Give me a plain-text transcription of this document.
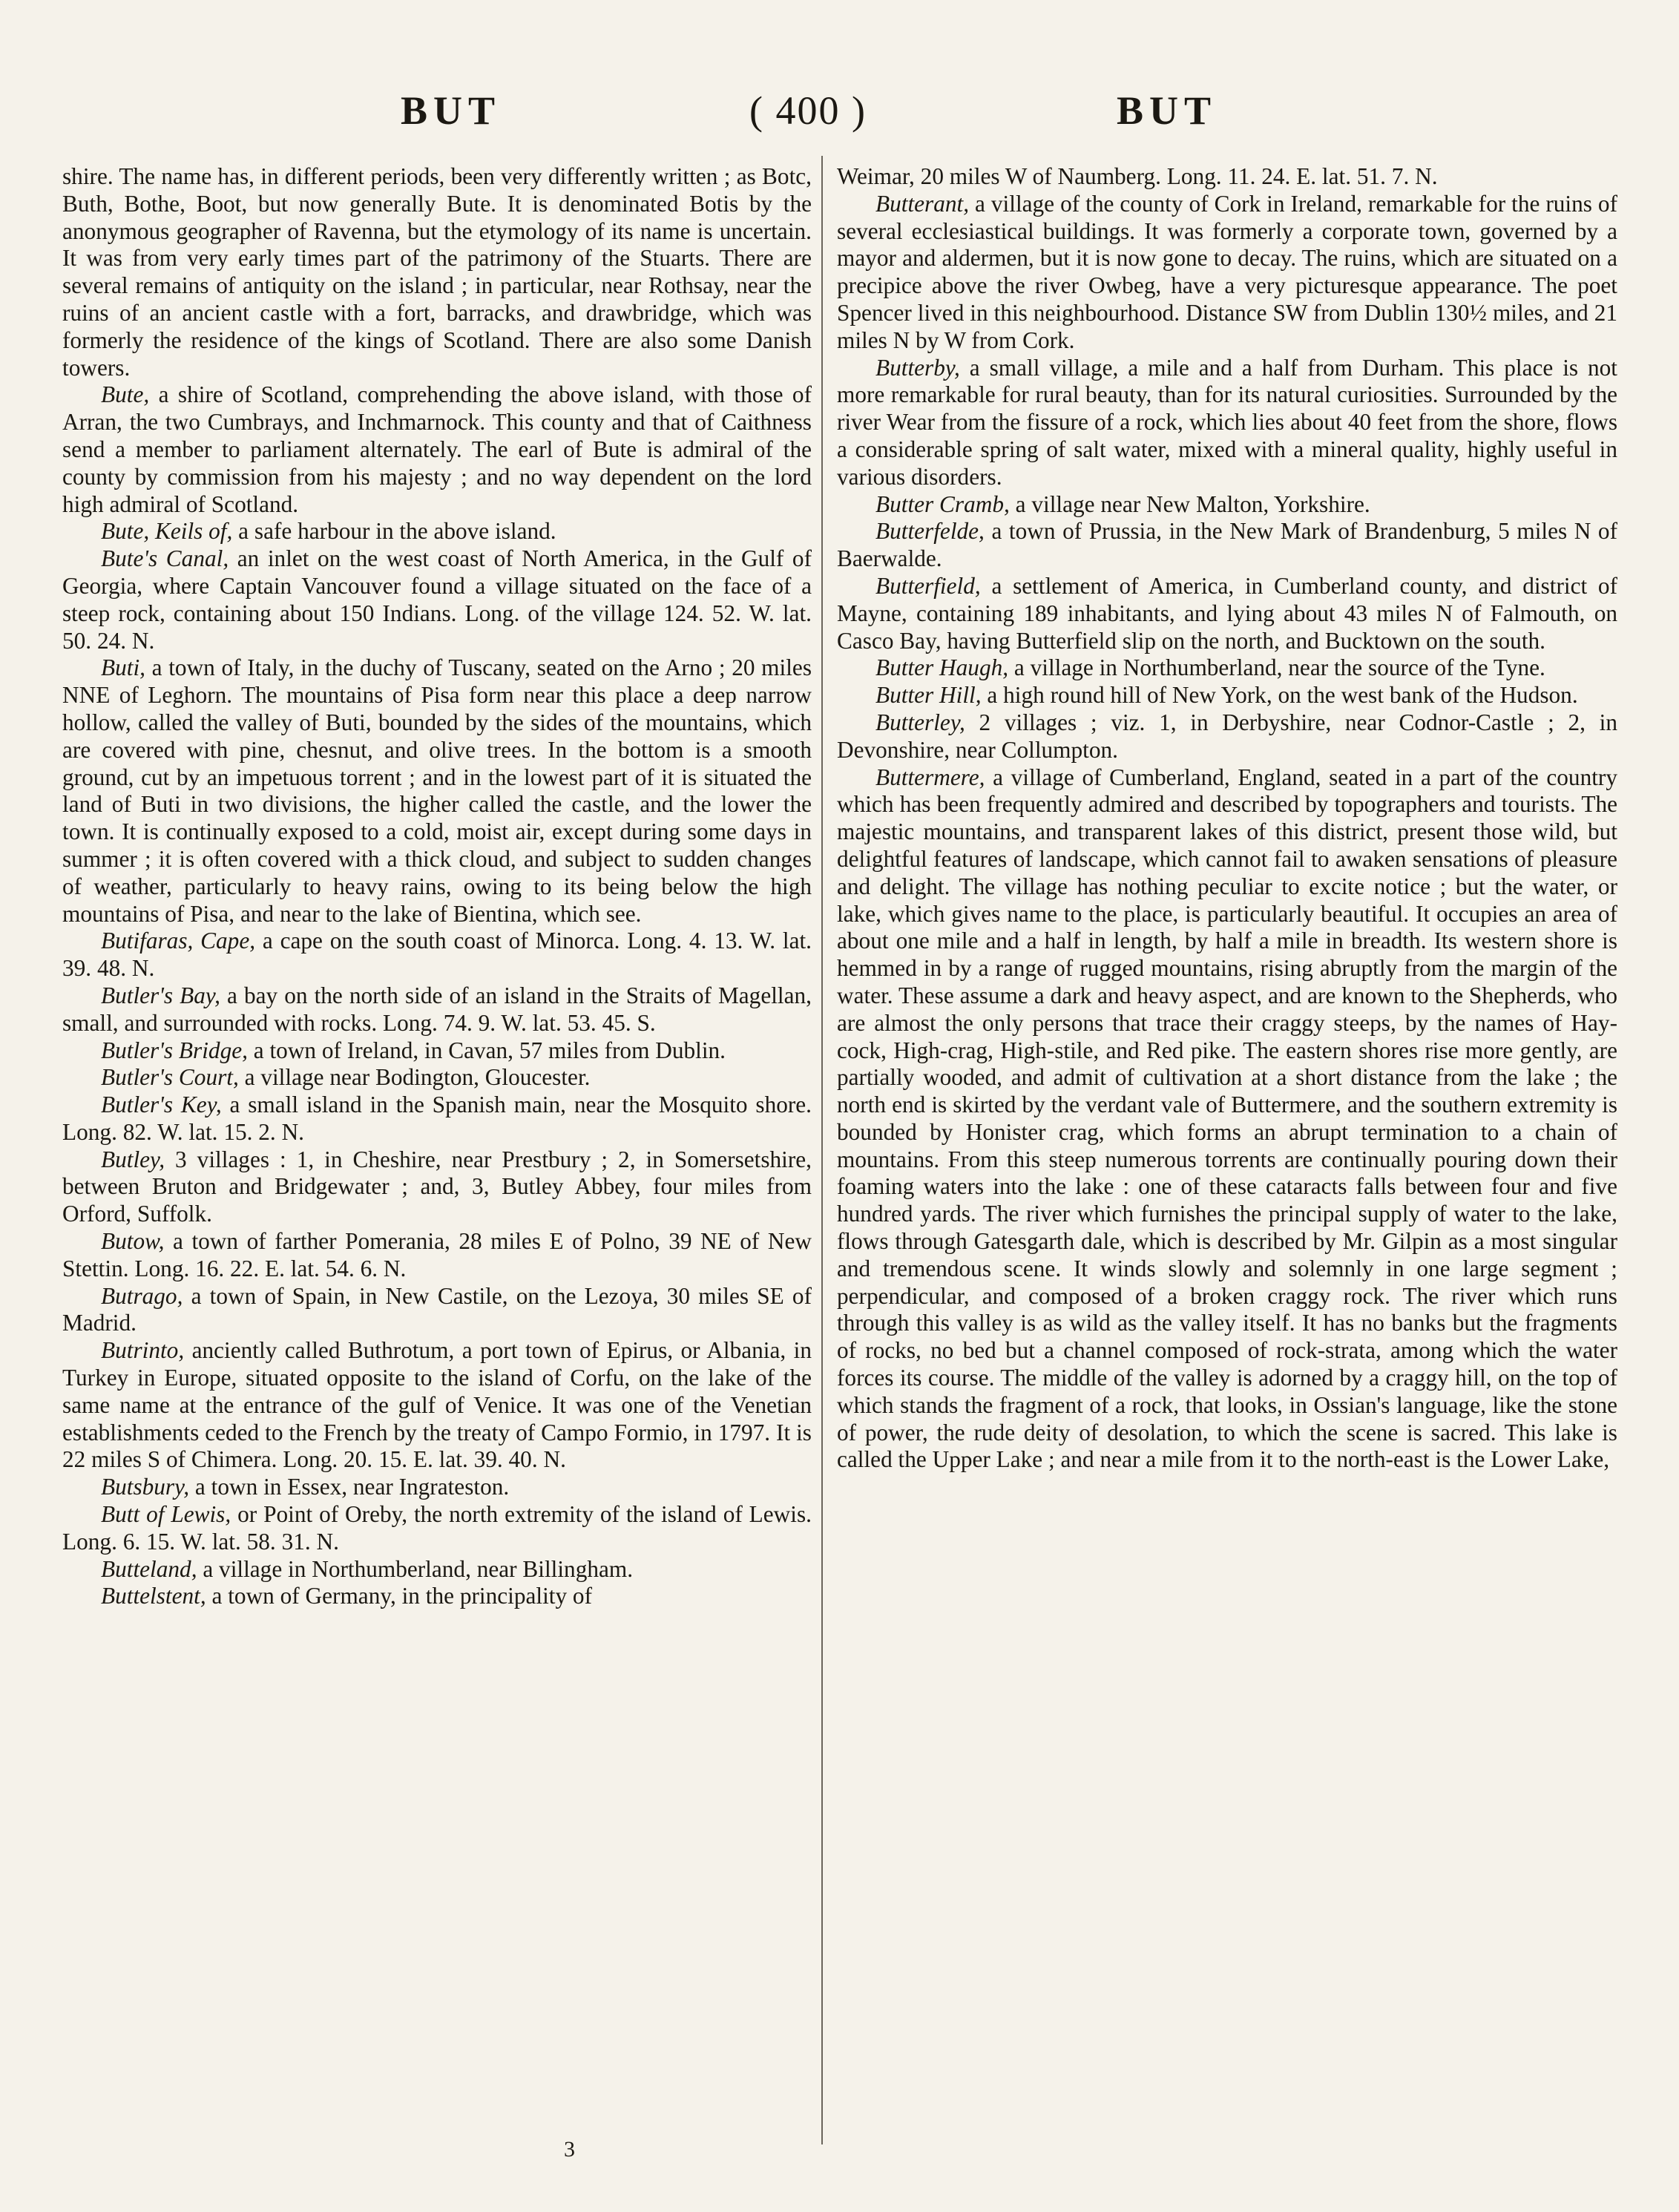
BUT	( 400 )	BUT

shire. The name has, in different periods, been very differently written ; as Botc, Buth, Bothe, Boot, but now generally Bute. It is denominated Botis by the anonymous geographer of Ravenna, but the etymology of its name is uncertain. It was from very early times part of the patrimony of the Stuarts. There are several remains of antiquity on the island ; in particular, near Rothsay, near the ruins of an ancient castle with a fort, barracks, and drawbridge, which was formerly the residence of the kings of Scotland. There are also some Danish towers.

Bute, a shire of Scotland, comprehending the above island, with those of Arran, the two Cumbrays, and Inchmarnock. This county and that of Caithness send a member to parliament alternately. The earl of Bute is admiral of the county by commission from his majesty ; and no way dependent on the lord high admiral of Scotland.

Bute, Keils of, a safe harbour in the above island.

Bute's Canal, an inlet on the west coast of North America, in the Gulf of Georgia, where Captain Vancouver found a village situated on the face of a steep rock, containing about 150 Indians. Long. of the village 124. 52. W. lat. 50. 24. N.

Buti, a town of Italy, in the duchy of Tuscany, seated on the Arno ; 20 miles NNE of Leghorn. The mountains of Pisa form near this place a deep narrow hollow, called the valley of Buti, bounded by the sides of the mountains, which are covered with pine, chesnut, and olive trees. In the bottom is a smooth ground, cut by an impetuous torrent ; and in the lowest part of it is situated the land of Buti in two divisions, the higher called the castle, and the lower the town. It is continually exposed to a cold, moist air, except during some days in summer ; it is often covered with a thick cloud, and subject to sudden changes of weather, particularly to heavy rains, owing to its being below the high mountains of Pisa, and near to the lake of Bientina, which see.

Butifaras, Cape, a cape on the south coast of Minorca. Long. 4. 13. W. lat. 39. 48. N.

Butler's Bay, a bay on the north side of an island in the Straits of Magellan, small, and surrounded with rocks. Long. 74. 9. W. lat. 53. 45. S.

Butler's Bridge, a town of Ireland, in Cavan, 57 miles from Dublin.

Butler's Court, a village near Bodington, Gloucester.

Butler's Key, a small island in the Spanish main, near the Mosquito shore. Long. 82. W. lat. 15. 2. N.

Butley, 3 villages : 1, in Cheshire, near Prestbury ; 2, in Somersetshire, between Bruton and Bridgewater ; and, 3, Butley Abbey, four miles from Orford, Suffolk.

Butow, a town of farther Pomerania, 28 miles E of Polno, 39 NE of New Stettin. Long. 16. 22. E. lat. 54. 6. N.

Butrago, a town of Spain, in New Castile, on the Lezoya, 30 miles SE of Madrid.

Butrinto, anciently called Buthrotum, a port town of Epirus, or Albania, in Turkey in Europe, situated opposite to the island of Corfu, on the lake of the same name at the entrance of the gulf of Venice. It was one of the Venetian establishments ceded to the French by the treaty of Campo Formio, in 1797. It is 22 miles S of Chimera. Long. 20. 15. E. lat. 39. 40. N.

Butsbury, a town in Essex, near Ingrateston.

Butt of Lewis, or Point of Oreby, the north extremity of the island of Lewis. Long. 6. 15. W. lat. 58. 31. N.

Butteland, a village in Northumberland, near Billingham.

Buttelstent, a town of Germany, in the principality of

Weimar, 20 miles W of Naumberg. Long. 11. 24. E. lat. 51. 7. N.

Butterant, a village of the county of Cork in Ireland, remarkable for the ruins of several ecclesiastical buildings. It was formerly a corporate town, governed by a mayor and aldermen, but it is now gone to decay. The ruins, which are situated on a precipice above the river Owbeg, have a very picturesque appearance. The poet Spencer lived in this neighbourhood. Distance SW from Dublin 130½ miles, and 21 miles N by W from Cork.

Butterby, a small village, a mile and a half from Durham. This place is not more remarkable for rural beauty, than for its natural curiosities. Surrounded by the river Wear from the fissure of a rock, which lies about 40 feet from the shore, flows a considerable spring of salt water, mixed with a mineral quality, highly useful in various disorders.

Butter Cramb, a village near New Malton, Yorkshire.

Butterfelde, a town of Prussia, in the New Mark of Brandenburg, 5 miles N of Baerwalde.

Butterfield, a settlement of America, in Cumberland county, and district of Mayne, containing 189 inhabitants, and lying about 43 miles N of Falmouth, on Casco Bay, having Butterfield slip on the north, and Bucktown on the south.

Butter Haugh, a village in Northumberland, near the source of the Tyne.

Butter Hill, a high round hill of New York, on the west bank of the Hudson.

Butterley, 2 villages ; viz. 1, in Derbyshire, near Codnor-Castle ; 2, in Devonshire, near Collumpton.

Buttermere, a village of Cumberland, England, seated in a part of the country which has been frequently admired and described by topographers and tourists. The majestic mountains, and transparent lakes of this district, present those wild, but delightful features of landscape, which cannot fail to awaken sensations of pleasure and delight. The village has nothing peculiar to excite notice ; but the water, or lake, which gives name to the place, is particularly beautiful. It occupies an area of about one mile and a half in length, by half a mile in breadth. Its western shore is hemmed in by a range of rugged mountains, rising abruptly from the margin of the water. These assume a dark and heavy aspect, and are known to the Shepherds, who are almost the only persons that trace their craggy steeps, by the names of Hay-cock, High-crag, High-stile, and Red pike. The eastern shores rise more gently, are partially wooded, and admit of cultivation at a short distance from the lake ; the north end is skirted by the verdant vale of Buttermere, and the southern extremity is bounded by Honister crag, which forms an abrupt termination to a chain of mountains. From this steep numerous torrents are continually pouring down their foaming waters into the lake : one of these cataracts falls between four and five hundred yards. The river which furnishes the principal supply of water to the lake, flows through Gatesgarth dale, which is described by Mr. Gilpin as a most singular and tremendous scene. It winds slowly and solemnly in one large segment ; perpendicular, and composed of a broken craggy rock. The river which runs through this valley is as wild as the valley itself. It has no banks but the fragments of rocks, no bed but a channel composed of rock-strata, among which the water forces its course. The middle of the valley is adorned by a craggy hill, on the top of which stands the fragment of a rock, that looks, in Ossian's language, like the stone of power, the rude deity of desolation, to which the scene is sacred. This lake is called the Upper Lake ; and near a mile from it to the north-east is the Lower Lake,

3
